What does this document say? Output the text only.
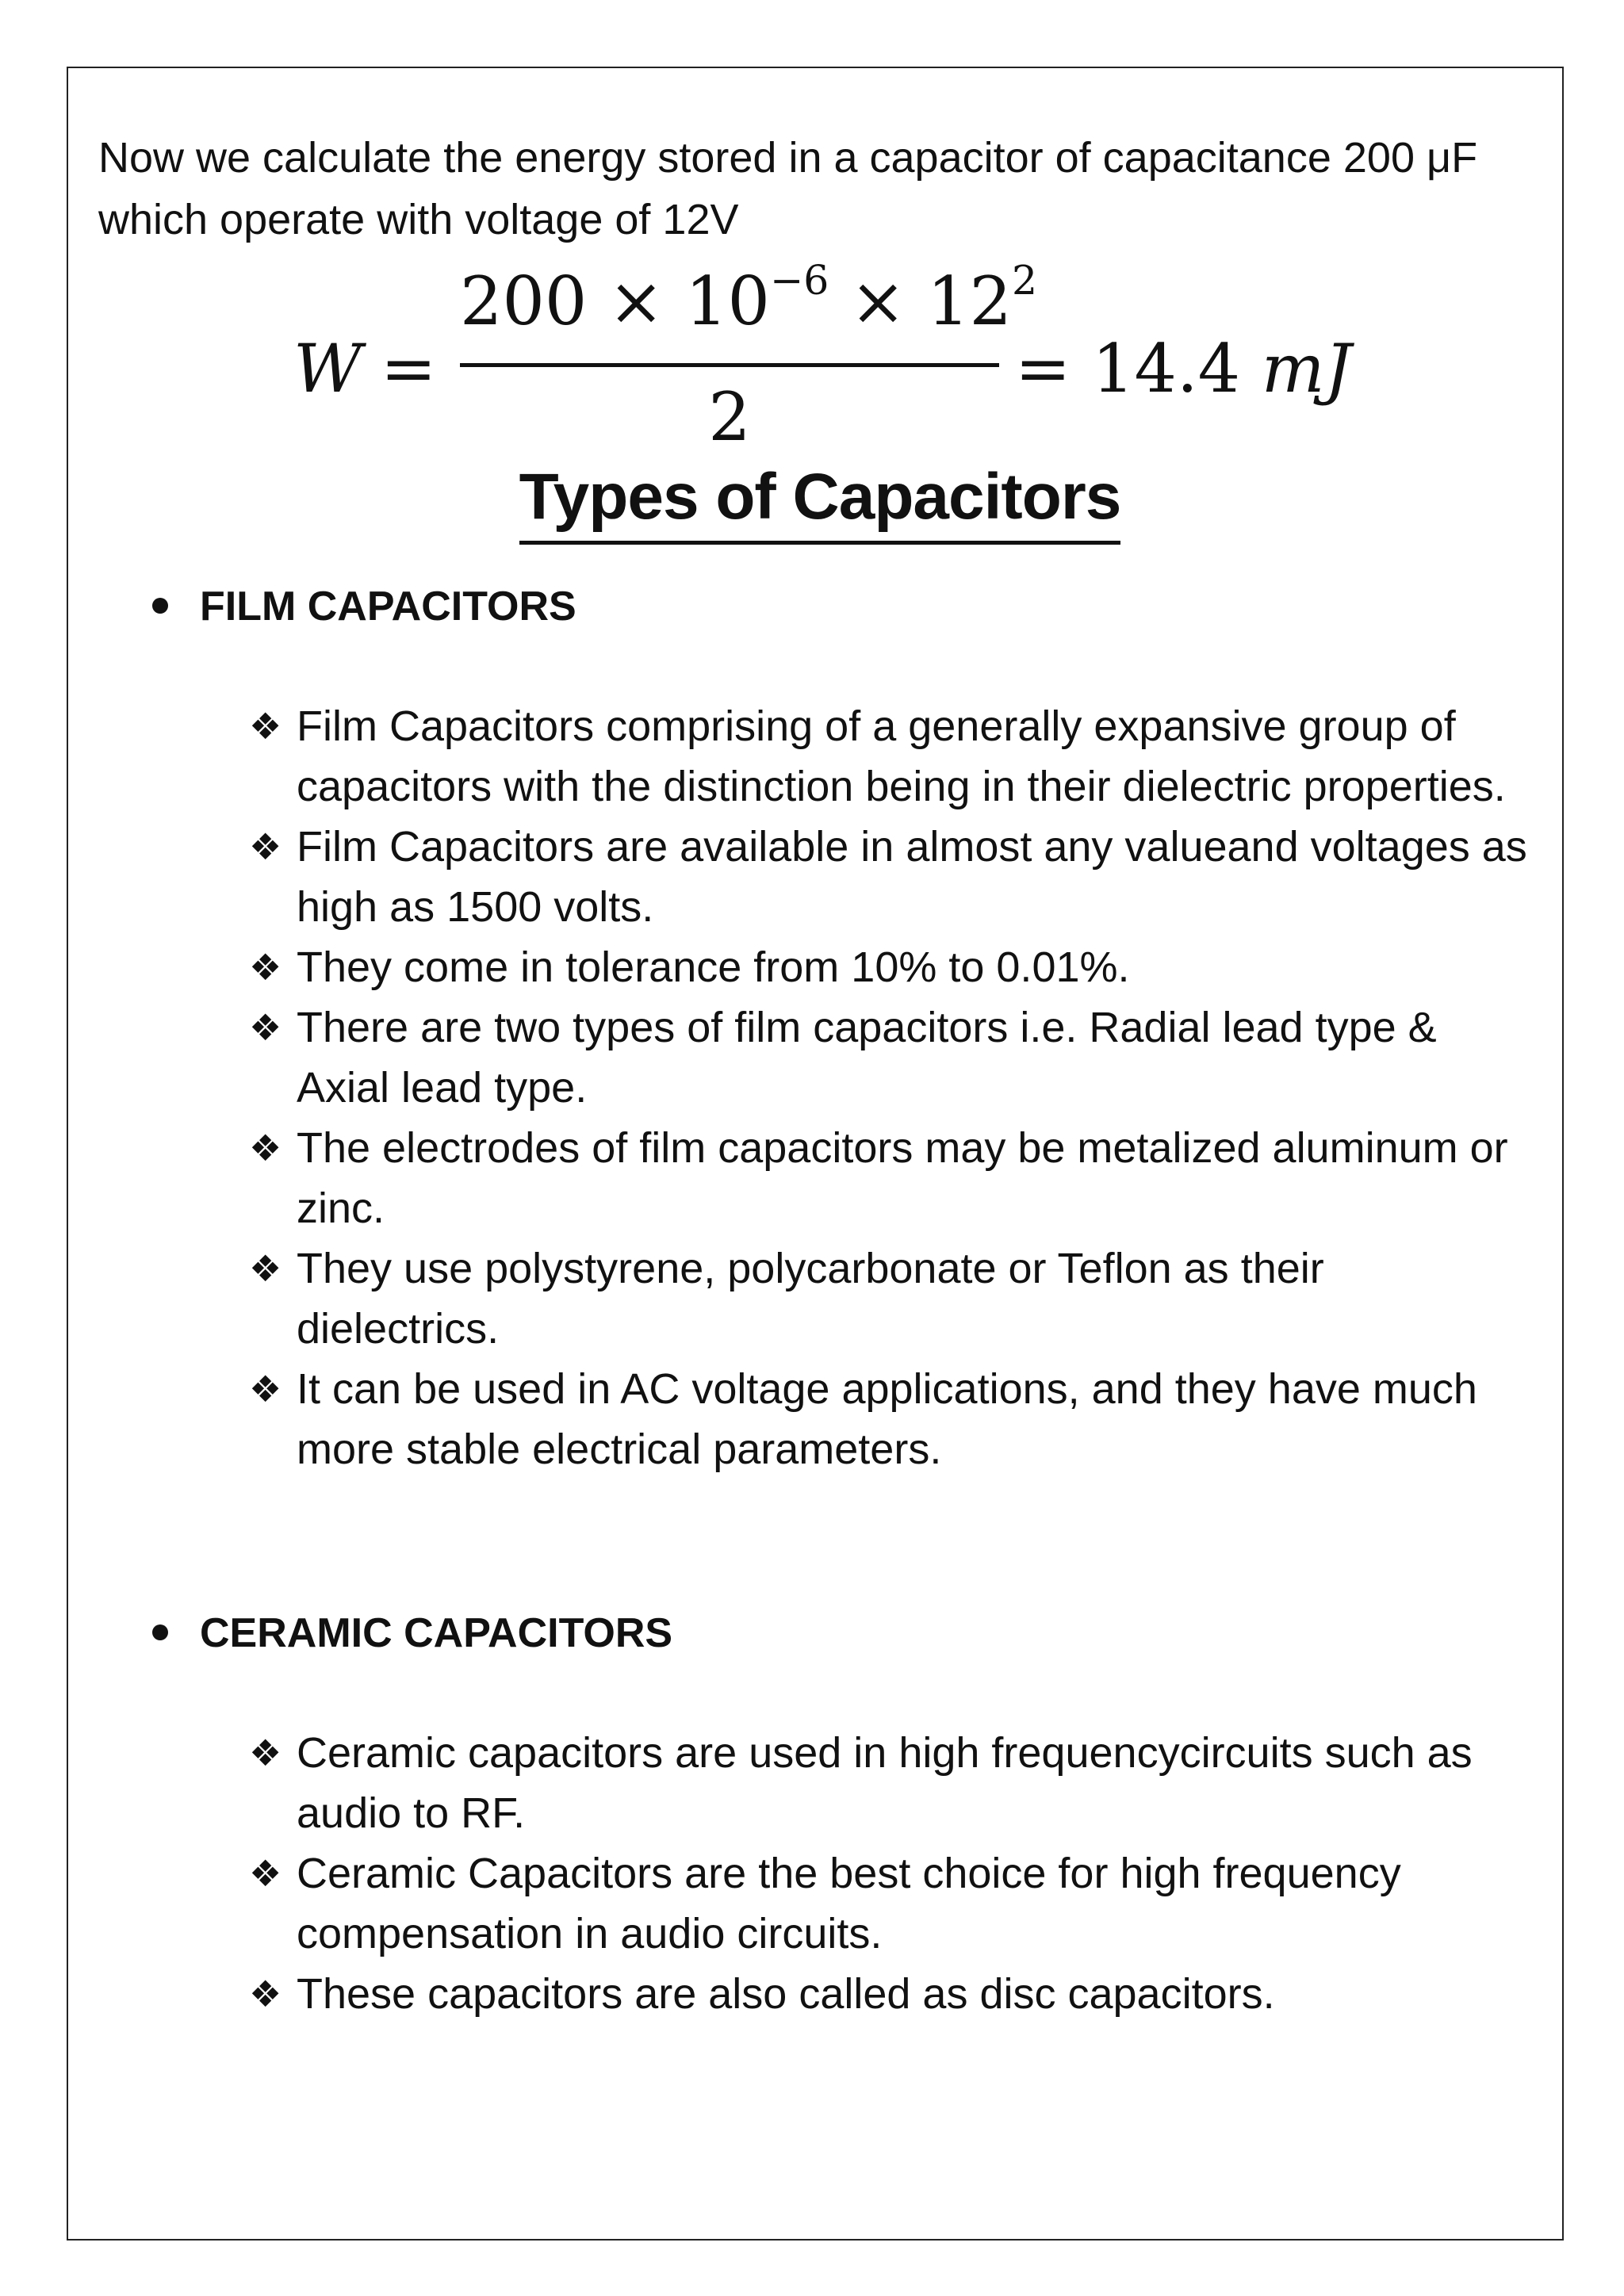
Now we calculate the energy stored in a capacitor of capacitance 200 μF which operate with voltage of 12V

W =
$200 \times 10^{-6} \times 12^2$
2
= 14.4 mJ
Types of Capacitors
FILM CAPACITORS
❖ Film Capacitors comprising of a generally expansive group of capacitors with the distinction being in their dielectric properties.
❖ Film Capacitors are available in almost any valueand voltages as high as 1500 volts.
❖ They come in tolerance from 10% to 0.01%.
❖ There are two types of film capacitors i.e. Radial lead type & Axial lead type.
❖ The electrodes of film capacitors may be metalized aluminum or zinc.
❖ They use polystyrene, polycarbonate or Teflon as their dielectrics.
❖ It can be used in AC voltage applications, and they have much more stable electrical parameters.
CERAMIC CAPACITORS
❖ Ceramic capacitors are used in high frequencycircuits such as audio to RF.
❖ Ceramic Capacitors are the best choice for high frequency compensation in audio circuits.
❖ These capacitors are also called as disc capacitors.
